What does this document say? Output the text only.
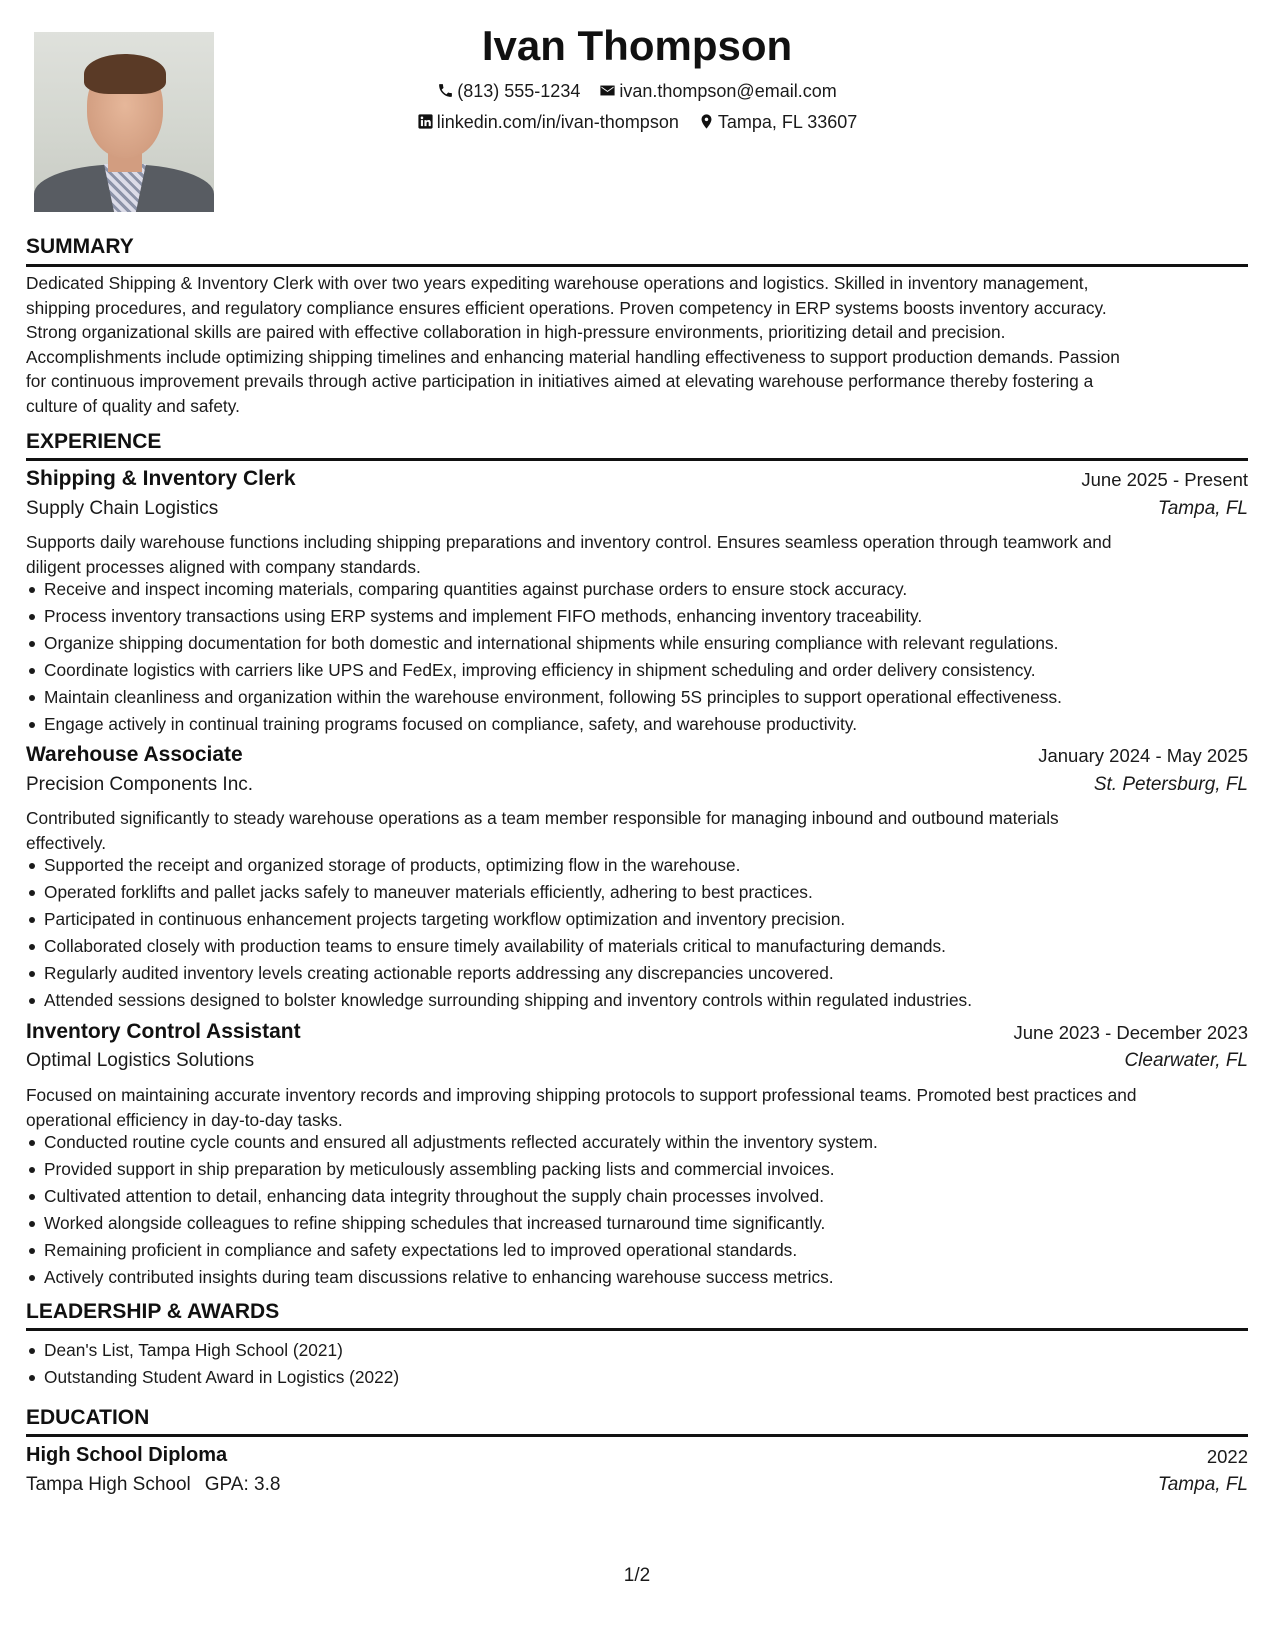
Ivan Thompson
(813) 555-1234 ivan.thompson@email.com
linkedin.com/in/ivan-thompson Tampa, FL 33607
SUMMARY
Dedicated Shipping & Inventory Clerk with over two years expediting warehouse operations and logistics. Skilled in inventory management,
shipping procedures, and regulatory compliance ensures efficient operations. Proven competency in ERP systems boosts inventory accuracy.
Strong organizational skills are paired with effective collaboration in high-pressure environments, prioritizing detail and precision.
Accomplishments include optimizing shipping timelines and enhancing material handling effectiveness to support production demands. Passion
for continuous improvement prevails through active participation in initiatives aimed at elevating warehouse performance thereby fostering a
culture of quality and safety.
EXPERIENCE
Shipping & Inventory Clerk	June 2025 - Present
Supply Chain Logistics	Tampa, FL
Supports daily warehouse functions including shipping preparations and inventory control. Ensures seamless operation through teamwork and
diligent processes aligned with company standards.
Receive and inspect incoming materials, comparing quantities against purchase orders to ensure stock accuracy.
Process inventory transactions using ERP systems and implement FIFO methods, enhancing inventory traceability.
Organize shipping documentation for both domestic and international shipments while ensuring compliance with relevant regulations.
Coordinate logistics with carriers like UPS and FedEx, improving efficiency in shipment scheduling and order delivery consistency.
Maintain cleanliness and organization within the warehouse environment, following 5S principles to support operational effectiveness.
Engage actively in continual training programs focused on compliance, safety, and warehouse productivity.
Warehouse Associate	January 2024 - May 2025
Precision Components Inc.	St. Petersburg, FL
Contributed significantly to steady warehouse operations as a team member responsible for managing inbound and outbound materials
effectively.
Supported the receipt and organized storage of products, optimizing flow in the warehouse.
Operated forklifts and pallet jacks safely to maneuver materials efficiently, adhering to best practices.
Participated in continuous enhancement projects targeting workflow optimization and inventory precision.
Collaborated closely with production teams to ensure timely availability of materials critical to manufacturing demands.
Regularly audited inventory levels creating actionable reports addressing any discrepancies uncovered.
Attended sessions designed to bolster knowledge surrounding shipping and inventory controls within regulated industries.
Inventory Control Assistant	June 2023 - December 2023
Optimal Logistics Solutions	Clearwater, FL
Focused on maintaining accurate inventory records and improving shipping protocols to support professional teams. Promoted best practices and
operational efficiency in day-to-day tasks.
Conducted routine cycle counts and ensured all adjustments reflected accurately within the inventory system.
Provided support in ship preparation by meticulously assembling packing lists and commercial invoices.
Cultivated attention to detail, enhancing data integrity throughout the supply chain processes involved.
Worked alongside colleagues to refine shipping schedules that increased turnaround time significantly.
Remaining proficient in compliance and safety expectations led to improved operational standards.
Actively contributed insights during team discussions relative to enhancing warehouse success metrics.
LEADERSHIP & AWARDS
Dean's List, Tampa High School (2021)
Outstanding Student Award in Logistics (2022)
EDUCATION
High School Diploma	2022
Tampa High School GPA: 3.8	Tampa, FL
1/2
